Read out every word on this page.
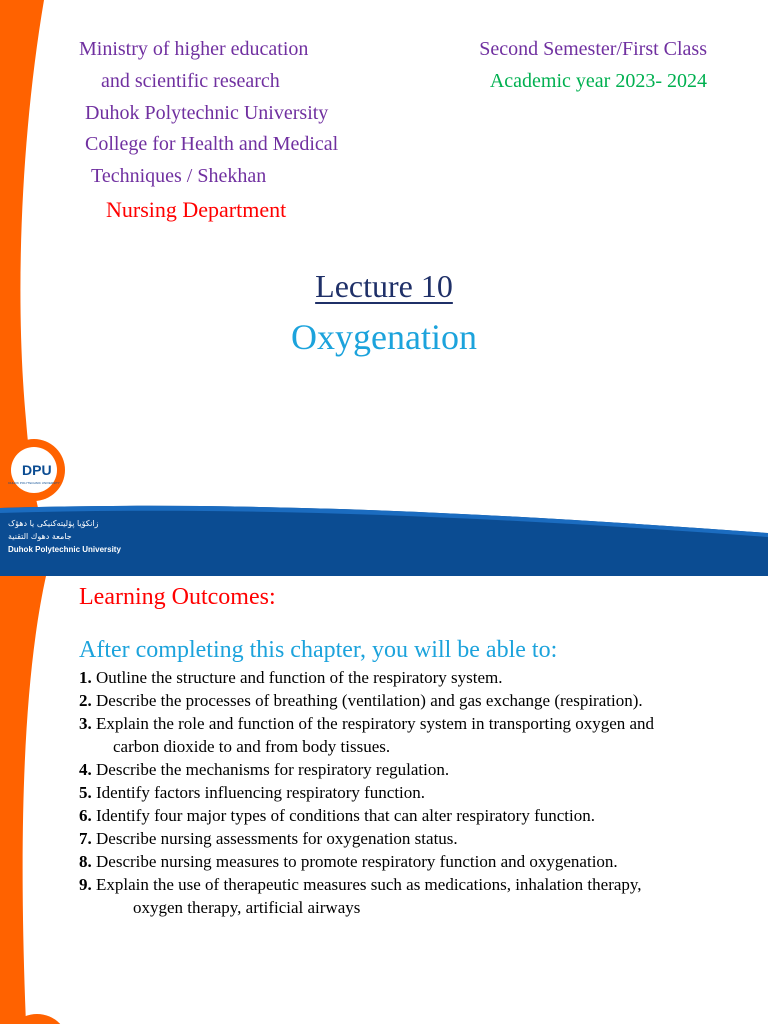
Ministry of higher education
and scientific research
Duhok Polytechnic University
College for Health and Medical
Techniques / Shekhan
Nursing Department
Second Semester/First Class
Academic year 2023- 2024
Lecture 10
Oxygenation
DPU
DUHOK POLYTECHNIC UNIVERSITY
زانکۆیا پۆلیتەکنیکی یا دهۆک
جامعة دهوك التقنية
Duhok Polytechnic University
Learning Outcomes:
After completing this chapter, you will be able to:
1. Outline the structure and function of the respiratory system.
2. Describe the processes of breathing (ventilation) and gas exchange (respiration).
3. Explain the role and function of the respiratory system in transporting oxygen and
carbon dioxide to and from body tissues.
4. Describe the mechanisms for respiratory regulation.
5. Identify factors influencing respiratory function.
6. Identify four major types of conditions that can alter respiratory function.
7. Describe nursing assessments for oxygenation status.
8. Describe nursing measures to promote respiratory function and oxygenation.
9. Explain the use of therapeutic measures such as medications, inhalation therapy,
oxygen therapy, artificial airways
